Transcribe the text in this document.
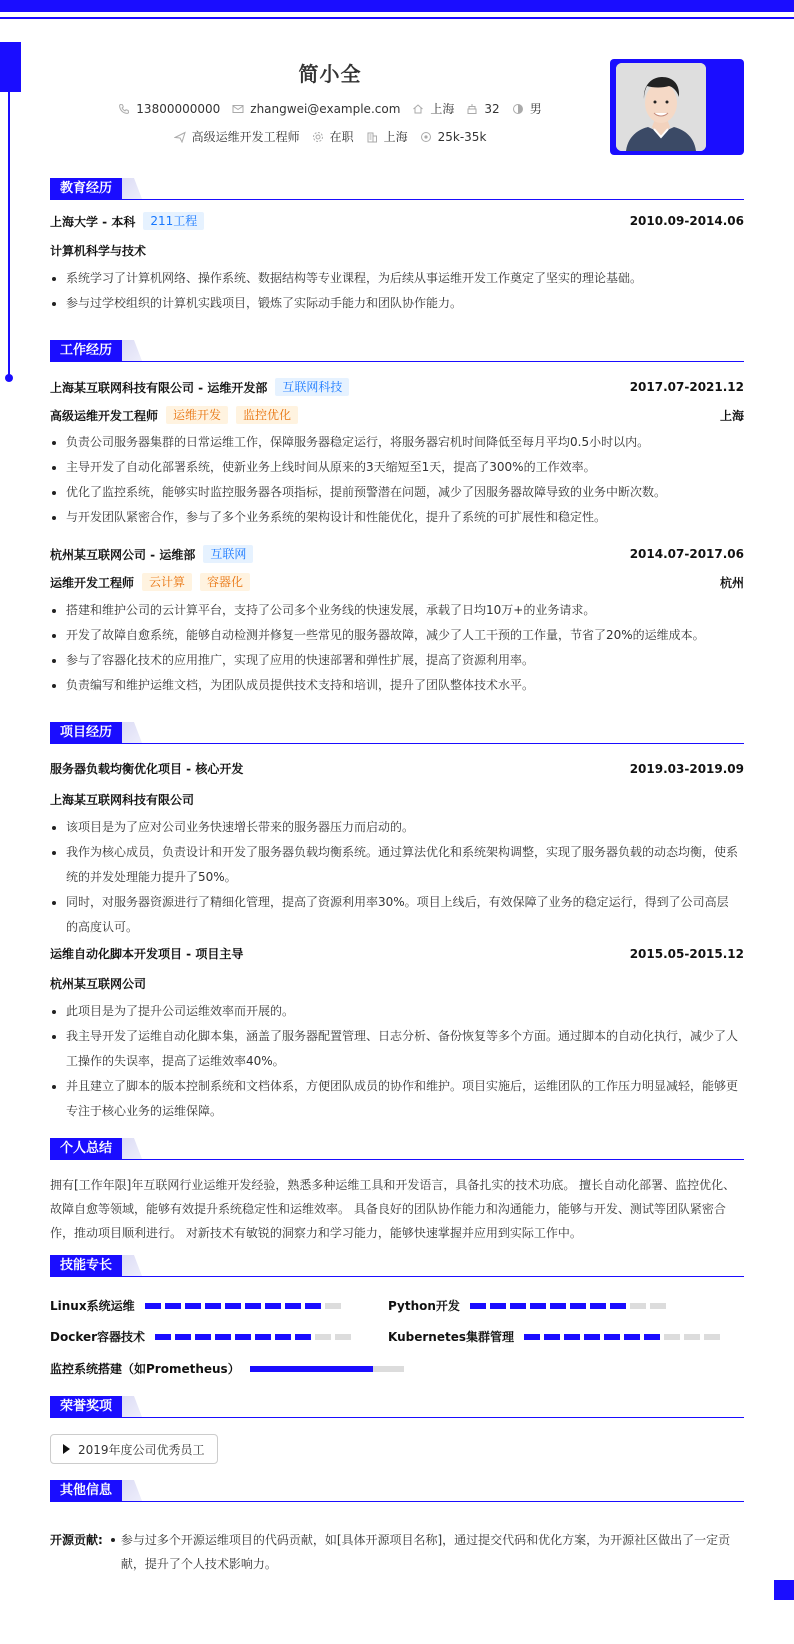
简小全
13800000000	zhangwei@example.com	上海	32	男
高级运维开发工程师	在职	上海	25k-35k
教育经历
上海大学 - 本科	211工程	2010.09-2014.06
计算机科学与技术
系统学习了计算机网络、操作系统、数据结构等专业课程，为后续从事运维开发工作奠定了坚实的理论基础。
参与过学校组织的计算机实践项目，锻炼了实际动手能力和团队协作能力。
工作经历
上海某互联网科技有限公司 - 运维开发部	互联网科技	2017.07-2021.12
高级运维开发工程师	运维开发	监控优化	上海
负责公司服务器集群的日常运维工作，保障服务器稳定运行，将服务器宕机时间降低至每月平均0.5小时以内。
主导开发了自动化部署系统，使新业务上线时间从原来的3天缩短至1天，提高了300%的工作效率。
优化了监控系统，能够实时监控服务器各项指标，提前预警潜在问题，减少了因服务器故障导致的业务中断次数。
与开发团队紧密合作，参与了多个业务系统的架构设计和性能优化，提升了系统的可扩展性和稳定性。
杭州某互联网公司 - 运维部	互联网	2014.07-2017.06
运维开发工程师	云计算	容器化	杭州
搭建和维护公司的云计算平台，支持了公司多个业务线的快速发展，承载了日均10万+的业务请求。
开发了故障自愈系统，能够自动检测并修复一些常见的服务器故障，减少了人工干预的工作量，节省了20%的运维成本。
参与了容器化技术的应用推广，实现了应用的快速部署和弹性扩展，提高了资源利用率。
负责编写和维护运维文档，为团队成员提供技术支持和培训，提升了团队整体技术水平。
项目经历
服务器负载均衡优化项目 - 核心开发	2019.03-2019.09
上海某互联网科技有限公司
该项目是为了应对公司业务快速增长带来的服务器压力而启动的。
我作为核心成员，负责设计和开发了服务器负载均衡系统。通过算法优化和系统架构调整，实现了服务器负载的动态均衡，使系统的并发处理能力提升了50%。
同时，对服务器资源进行了精细化管理，提高了资源利用率30%。项目上线后，有效保障了业务的稳定运行，得到了公司高层的高度认可。
运维自动化脚本开发项目 - 项目主导	2015.05-2015.12
杭州某互联网公司
此项目是为了提升公司运维效率而开展的。
我主导开发了运维自动化脚本集，涵盖了服务器配置管理、日志分析、备份恢复等多个方面。通过脚本的自动化执行，减少了人工操作的失误率，提高了运维效率40%。
并且建立了脚本的版本控制系统和文档体系，方便团队成员的协作和维护。项目实施后，运维团队的工作压力明显减轻，能够更专注于核心业务的运维保障。
个人总结
拥有[工作年限]年互联网行业运维开发经验，熟悉多种运维工具和开发语言，具备扎实的技术功底。 擅长自动化部署、监控优化、故障自愈等领域，能够有效提升系统稳定性和运维效率。 具备良好的团队协作能力和沟通能力，能够与开发、测试等团队紧密合作，推动项目顺利进行。 对新技术有敏锐的洞察力和学习能力，能够快速掌握并应用到实际工作中。
技能专长
Linux系统运维	Python开发
Docker容器技术	Kubernetes集群管理
监控系统搭建（如Prometheus）
荣誉奖项
2019年度公司优秀员工
其他信息
开源贡献:	参与过多个开源运维项目的代码贡献，如[具体开源项目名称]，通过提交代码和优化方案，为开源社区做出了一定贡献，提升了个人技术影响力。
